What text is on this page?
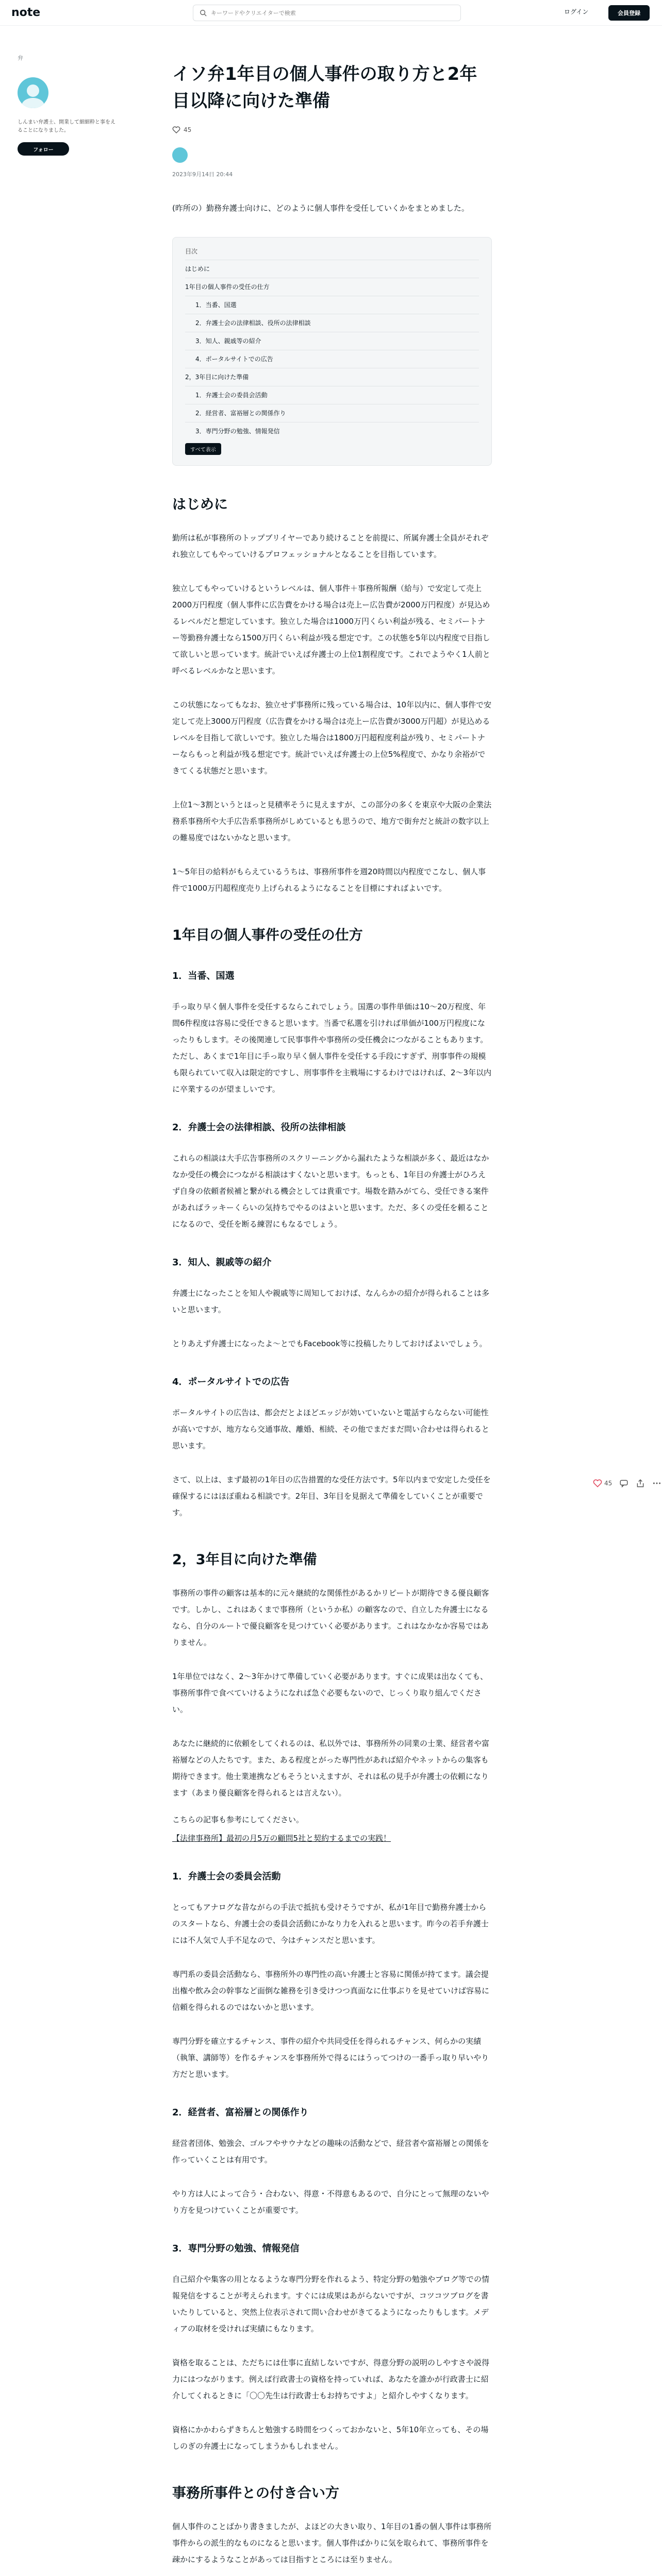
note
キーワードやクリエイターで検索	ログイン	会員登録
弁
しんまい弁護士、開業して細細粋と事をえることになりました。
フォロー
イソ弁1年目の個人事件の取り方と2年目以降に向けた準備
45
2023年9月14日 20:44

(昨所の）勤務弁護士向けに、どのように個人事件を受任していくかをまとめました。

目次
はじめに
1年目の個人事件の受任の仕方
1．当番、国選
2．弁護士会の法律相談、役所の法律相談
3．知人、親戚等の紹介
4．ポータルサイトでの広告
2，3年目に向けた準備
1．弁護士会の委員会活動
2．経営者、富裕層との関係作り
3．専門分野の勉強、情報発信
すべて表示
はじめに

勤所は私が事務所のトップブリイヤーであり続けることを前提に、所属弁護士全員がそれぞれ独立してもやっていけるプロフェッショナルとなることを目指しています。

独立してもやっていけるというレベルは、個人事件＋事務所報酬（給与）で安定して売上2000万円程度（個人事件に広告費をかける場合は売上ー広告費が2000万円程度）が見込めるレベルだと想定しています。独立した場合は1000万円くらい利益が残る、セミパートナー等勤務弁護士なら1500万円くらい利益が残る想定です。この状態を5年以内程度で目指して欲しいと思っています。統計でいえば弁護士の上位1割程度です。これでようやく1人前と呼べるレベルかなと思います。

この状態になってもなお、独立せず事務所に残っている場合は、10年以内に、個人事件で安定して売上3000万円程度（広告費をかける場合は売上ー広告費が3000万円超）が見込めるレベルを目指して欲しいです。独立した場合は1800万円超程度利益が残り、セミパートナーならもっと利益が残る想定です。統計でいえば弁護士の上位5%程度で、かなり余裕ができてくる状態だと思います。

上位1～3割というとほっと見積率そうに見えますが、この部分の多くを東京や大阪の企業法務系事務所や大手広告系事務所がしめているとも思うので、地方で街弁だと統計の数字以上の難易度ではないかなと思います。

1～5年目の給料がもらえているうちは、事務所事件を週20時間以内程度でこなし、個人事件で1000万円超程度売り上げられるようになることを目標にすればよいです。

1年目の個人事件の受任の仕方
1．当番、国選

手っ取り早く個人事件を受任するならこれでしょう。国選の事件単価は10～20万程度、年間6件程度は容易に受任できると思います。当番で私選を引ければ単価が100万円程度になったりもします。その後関連して民事事件や事務所の受任機会につながることもあります。ただし、あくまで1年目に手っ取り早く個人事件を受任する手段にすぎず、刑事事件の規模も限られていて収入は限定的ですし、刑事事件を主戦場にするわけではければ、2～3年以内に卒業するのが望ましいです。

2．弁護士会の法律相談、役所の法律相談

これらの相談は大手広告事務所のスクリーニングから漏れたような相談が多く、最近はなかなか受任の機会につながる相談はすくないと思います。もっとも、1年目の弁護士がひろえず自身の依頼者候補と繋がれる機会としては貴重です。場数を踏みがてら、受任できる案件があればラッキーくらいの気持ちでやるのはよいと思います。ただ、多くの受任を頼ることになるので、受任を断る練習にもなるでしょう。

3．知人、親戚等の紹介

弁護士になったことを知人や親戚等に周知しておけば、なんらかの紹介が得られることは多いと思います。

とりあえず弁護士になったよ〜とでもFacebook等に投稿したりしておけばよいでしょう。

4．ポータルサイトでの広告

ポータルサイトの広告は、都会だとよほどエッジが効いていないと電話すらならない可能性が高いですが、地方なら交通事故、離婚、相続、その他でまだまだ問い合わせは得られると思います。

さて、以上は、まず最初の1年目の広告措置的な受任方法です。5年以内まで安定した受任を確保するにはほぼ重ねる相談です。2年目、3年目を見据えて準備をしていくことが重要です。

2，3年目に向けた準備

事務所の事件の顧客は基本的に元々継続的な関係性があるかリピートが期待できる優良顧客です。しかし、これはあくまで事務所（というか私）の顧客なので、自立した弁護士になるなら、自分のルートで優良顧客を見つけていく必要があります。これはなかなか容易ではありません。

1年単位ではなく、2～3年かけて準備していく必要があります。すぐに成果は出なくても、事務所事件で食べていけるようになれば急ぐ必要もないので、じっくり取り組んでください。

あなたに継続的に依頼をしてくれるのは、私以外では、事務所外の同業の士業、経営者や富裕層などの人たちです。また、ある程度とがった専門性があれば紹介やネットからの集客も期待できます。他士業連携などもそうといえますが、それは私の見手が弁護士の依頼になります（あまり優良顧客を得られるとは言えない）。

こちらの記事も参考にしてください。

【法律事務所】最初の月5万の顧問5社と契約するまでの実践！

1．弁護士会の委員会活動

とってもアナログな昔ながらの手法で抵抗も受けそうですが、私が1年目で勤務弁護士からのスタートなら、弁護士会の委員会活動にかなり力を入れると思います。昨今の若手弁護士には不人気で人手不足なので、今はチャンスだと思います。

専門系の委員会活動なら、事務所外の専門性の高い弁護士と容易に関係が持てます。議会提出権や飲み会の幹事など面倒な雑務を引き受けつつ真面なに仕事ぶりを見せていけば容易に信頼を得られるのではないかと思います。

専門分野を確立するチャンス、事件の紹介や共同受任を得られるチャンス、何らかの実績（執筆、講師等）を作るチャンスを事務所外で得るにはうってつけの一番手っ取り早いやり方だと思います。

2．経営者、富裕層との関係作り

経営者団体、勉強会、ゴルフやサウナなどの趣味の活動などで、経営者や富裕層との関係を作っていくことは有用です。

やり方は人によって合う・合わない、得意・不得意もあるので、自分にとって無理のないやり方を見つけていくことが重要です。

3．専門分野の勉強、情報発信

自己紹介や集客の用となるような専門分野を作れるよう、特定分野の勉強やブログ等での情報発信をすることが考えられます。すぐには成果はあがらないですが、コツコツブログを書いたりしていると、突然上位表示されて問い合わせがきてるようになったりもします。メディアの取材を受ければ実績にもなります。

資格を取ることは、ただちには仕事に直結しないですが、得意分野の説明のしやすさや説得力にはつながります。例えば行政書士の資格を持っていれば、あなたを誰かが行政書士に紹介してくれるときに「〇〇先生は行政書士もお持ちですよ」と紹介しやすくなります。

資格にかかわらずきちんと勉強する時間をつくっておかないと、5年10年立っても、その場しのぎの弁護士になってしまうかもしれません。

事務所事件との付き合い方

個人事件のことばかり書きましたが、よほどの大きい取り、1年目の1番の個人事件は事務所事件からの派生的なものになると思います。個人事件ばかりに気を取られて、事務所事件を疎かにするようなことがあっては目指すところには至りません。

45
